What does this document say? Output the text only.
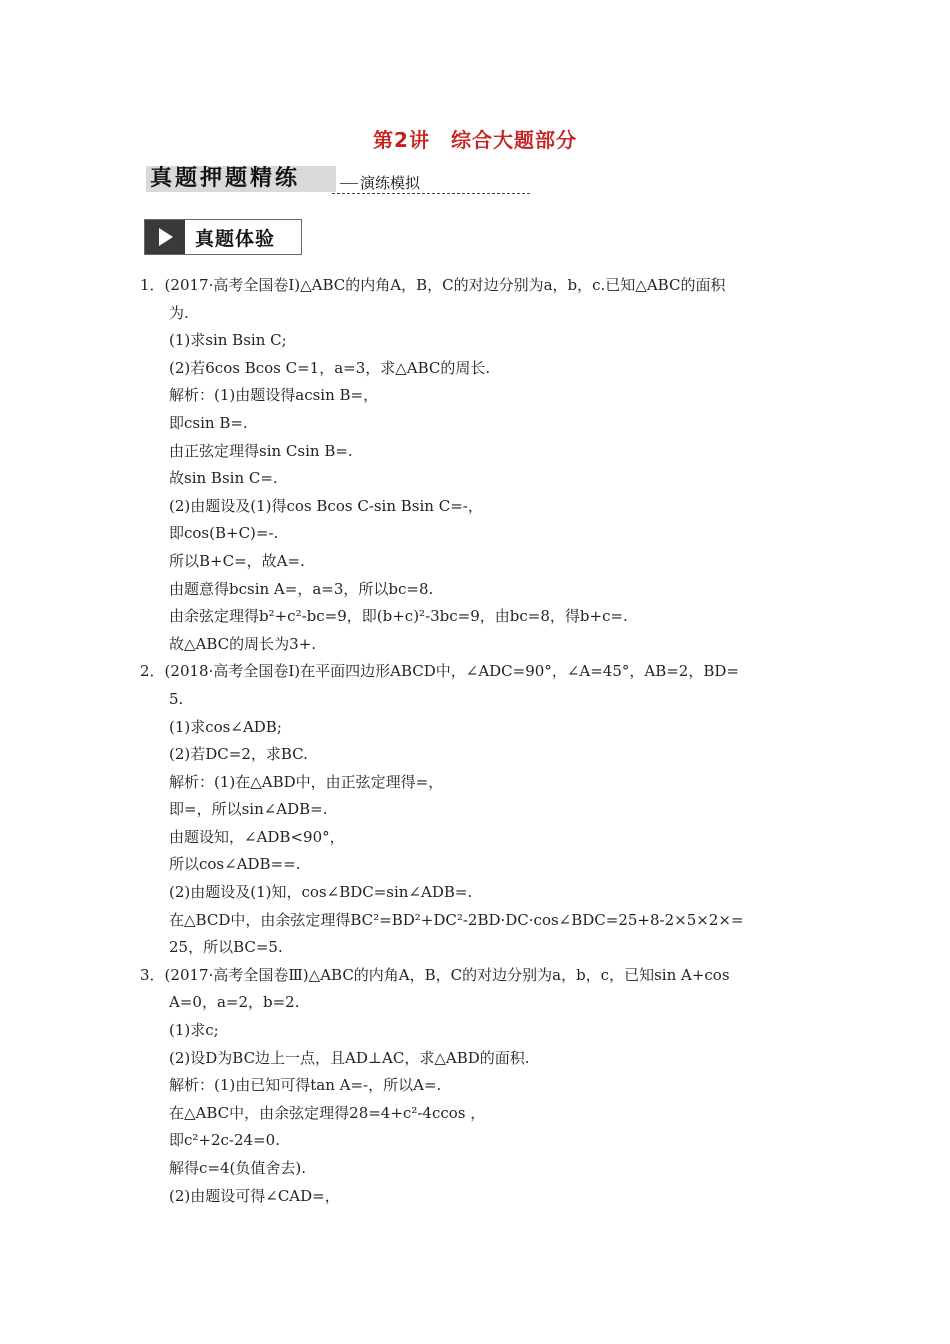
第2讲　综合大题部分
真题押题精练	演练模拟
真题体验
1．(2017·高考全国卷Ⅰ)△ABC的内角A，B，C的对边分别为a，b，c.已知△ABC的面积
为.
(1)求sin Bsin C;
(2)若6cos Bcos C=1，a=3，求△ABC的周长.
解析：(1)由题设得acsin B=，
即csin B=.
由正弦定理得sin Csin B=.
故sin Bsin C=.
(2)由题设及(1)得cos Bcos C-sin Bsin C=-，
即cos(B+C)=-.
所以B+C=，故A=.
由题意得bcsin A=，a=3，所以bc=8.
由余弦定理得b²+c²-bc=9，即(b+c)²-3bc=9，由bc=8，得b+c=.
故△ABC的周长为3+.
2．(2018·高考全国卷Ⅰ)在平面四边形ABCD中，∠ADC=90°，∠A=45°，AB=2，BD=
5.
(1)求cos∠ADB;
(2)若DC=2，求BC.
解析：(1)在△ABD中，由正弦定理得=，
即=，所以sin∠ADB=.
由题设知，∠ADB<90°，
所以cos∠ADB==.
(2)由题设及(1)知，cos∠BDC=sin∠ADB=.
在△BCD中，由余弦定理得BC²=BD²+DC²-2BD·DC·cos∠BDC=25+8-2×5×2×=
25，所以BC=5.
3．(2017·高考全国卷Ⅲ)△ABC的内角A，B，C的对边分别为a，b，c，已知sin A+cos
A=0，a=2，b=2.
(1)求c;
(2)设D为BC边上一点，且AD⊥AC，求△ABD的面积.
解析：(1)由已知可得tan A=-，所以A=.
在△ABC中，由余弦定理得28=4+c²-4ccos ，
即c²+2c-24=0.
解得c=4(负值舍去).
(2)由题设可得∠CAD=，
